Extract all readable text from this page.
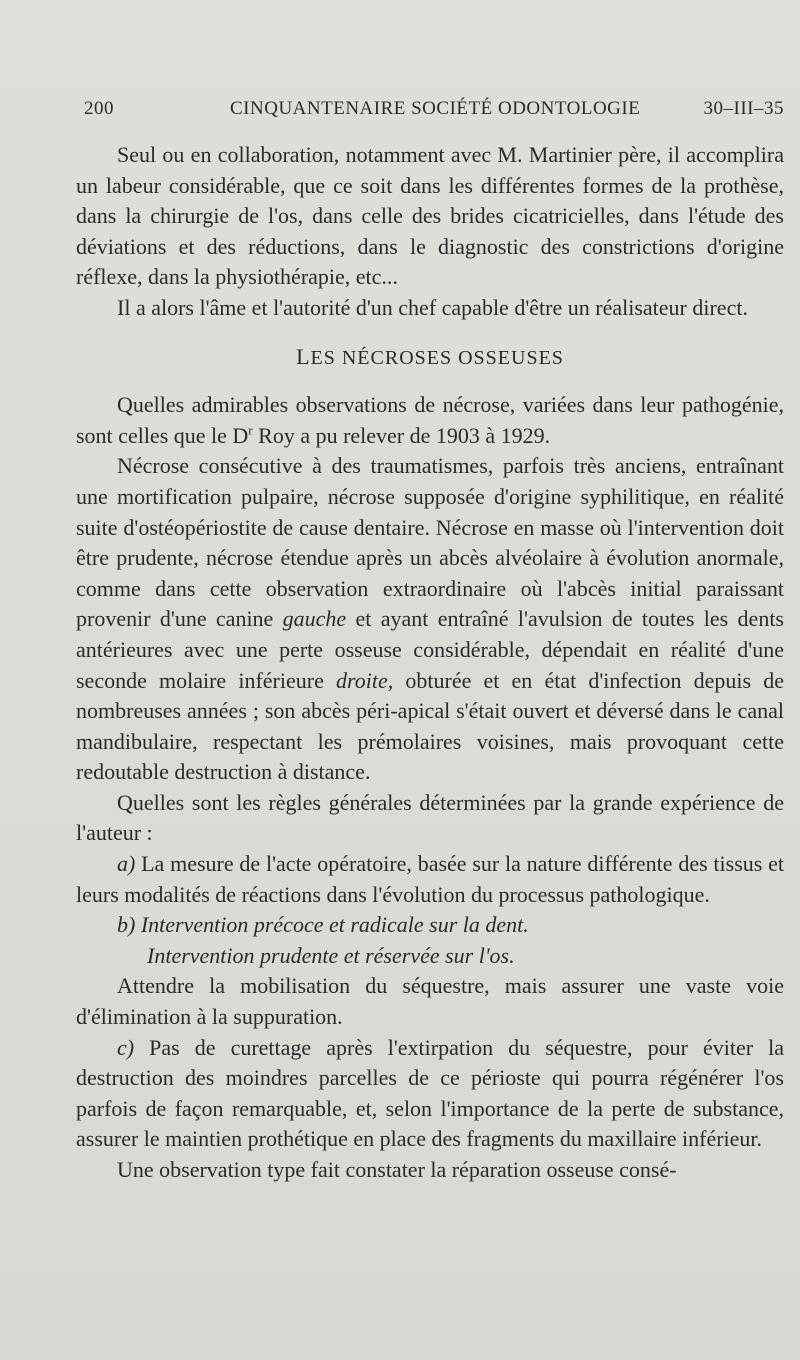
200	CINQUANTENAIRE SOCIÉTÉ ODONTOLOGIE	30–III–35

Seul ou en collaboration, notamment avec M. Martinier père, il accomplira un labeur considérable, que ce soit dans les différentes formes de la prothèse, dans la chirurgie de l'os, dans celle des brides cicatricielles, dans l'étude des déviations et des réductions, dans le diagnostic des constrictions d'origine réflexe, dans la physiothérapie, etc...

Il a alors l'âme et l'autorité d'un chef capable d'être un réalisateur direct.

LES NÉCROSES OSSEUSES

Quelles admirables observations de nécrose, variées dans leur pathogénie, sont celles que le $D^r$ Roy a pu relever de 1903 à 1929.

Nécrose consécutive à des traumatismes, parfois très anciens, entraînant une mortification pulpaire, nécrose supposée d'origine syphilitique, en réalité suite d'ostéopériostite de cause dentaire. Nécrose en masse où l'intervention doit être prudente, nécrose étendue après un abcès alvéolaire à évolution anormale, comme dans cette observation extraordinaire où l'abcès initial paraissant provenir d'une canine gauche et ayant entraîné l'avulsion de toutes les dents antérieures avec une perte osseuse considérable, dépendait en réalité d'une seconde molaire inférieure droite, obturée et en état d'infection depuis de nombreuses années ; son abcès péri-apical s'était ouvert et déversé dans le canal mandibulaire, respectant les prémolaires voisines, mais provoquant cette redoutable destruction à distance.

Quelles sont les règles générales déterminées par la grande expérience de l'auteur :

a) La mesure de l'acte opératoire, basée sur la nature différente des tissus et leurs modalités de réactions dans l'évolution du processus pathologique.

b) Intervention précoce et radicale sur la dent.

Intervention prudente et réservée sur l'os.

Attendre la mobilisation du séquestre, mais assurer une vaste voie d'élimination à la suppuration.

c) Pas de curettage après l'extirpation du séquestre, pour éviter la destruction des moindres parcelles de ce périoste qui pourra régénérer l'os parfois de façon remarquable, et, selon l'importance de la perte de substance, assurer le maintien prothétique en place des fragments du maxillaire inférieur.

Une observation type fait constater la réparation osseuse consé-
